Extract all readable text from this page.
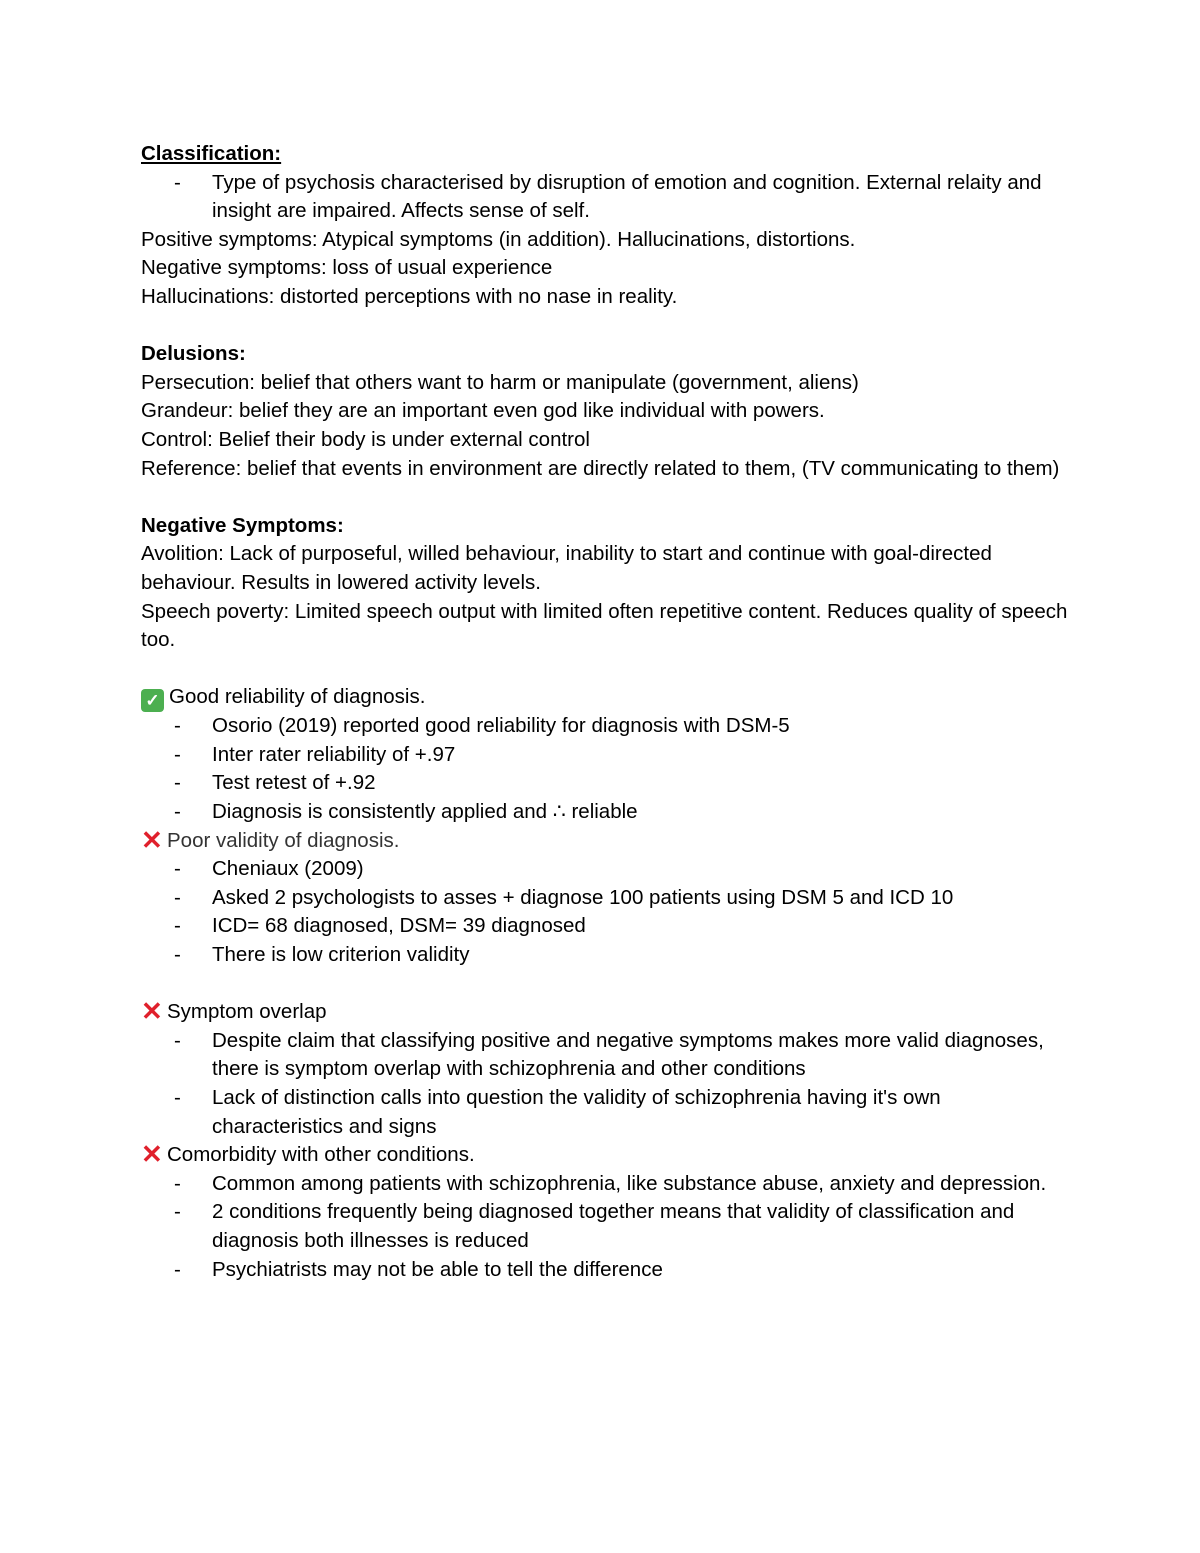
Classification:

- Type of psychosis characterised by disruption of emotion and cognition. External relaity and insight are impaired. Affects sense of self.

Positive symptoms: Atypical symptoms (in addition). Hallucinations, distortions.

Negative symptoms: loss of usual experience

Hallucinations: distorted perceptions with no nase in reality.

Delusions:

Persecution: belief that others want to harm or manipulate (government, aliens)

Grandeur: belief they are an important even god like individual with powers.

Control: Belief their body is under external control

Reference: belief that events in environment are directly related to them, (TV communicating to them)

Negative Symptoms:

Avolition: Lack of purposeful, willed behaviour, inability to start and continue with goal-directed behaviour. Results in lowered activity levels.

Speech poverty: Limited speech output with limited often repetitive content. Reduces quality of speech too.

✓ Good reliability of diagnosis.

- Osorio (2019) reported good reliability for diagnosis with DSM-5

- Inter rater reliability of +.97

- Test retest of +.92

- Diagnosis is consistently applied and ∴ reliable

✕ Poor validity of diagnosis.

- Cheniaux (2009)

- Asked 2 psychologists to asses + diagnose 100 patients using DSM 5 and ICD 10

- ICD= 68 diagnosed, DSM= 39 diagnosed

- There is low criterion validity

✕ Symptom overlap

- Despite claim that classifying positive and negative symptoms makes more valid diagnoses, there is symptom overlap with schizophrenia and other conditions

- Lack of distinction calls into question the validity of schizophrenia having it's own characteristics and signs

✕ Comorbidity with other conditions.

- Common among patients with schizophrenia, like substance abuse, anxiety and depression.

- 2 conditions frequently being diagnosed together means that validity of classification and diagnosis both illnesses is reduced

- Psychiatrists may not be able to tell the difference
